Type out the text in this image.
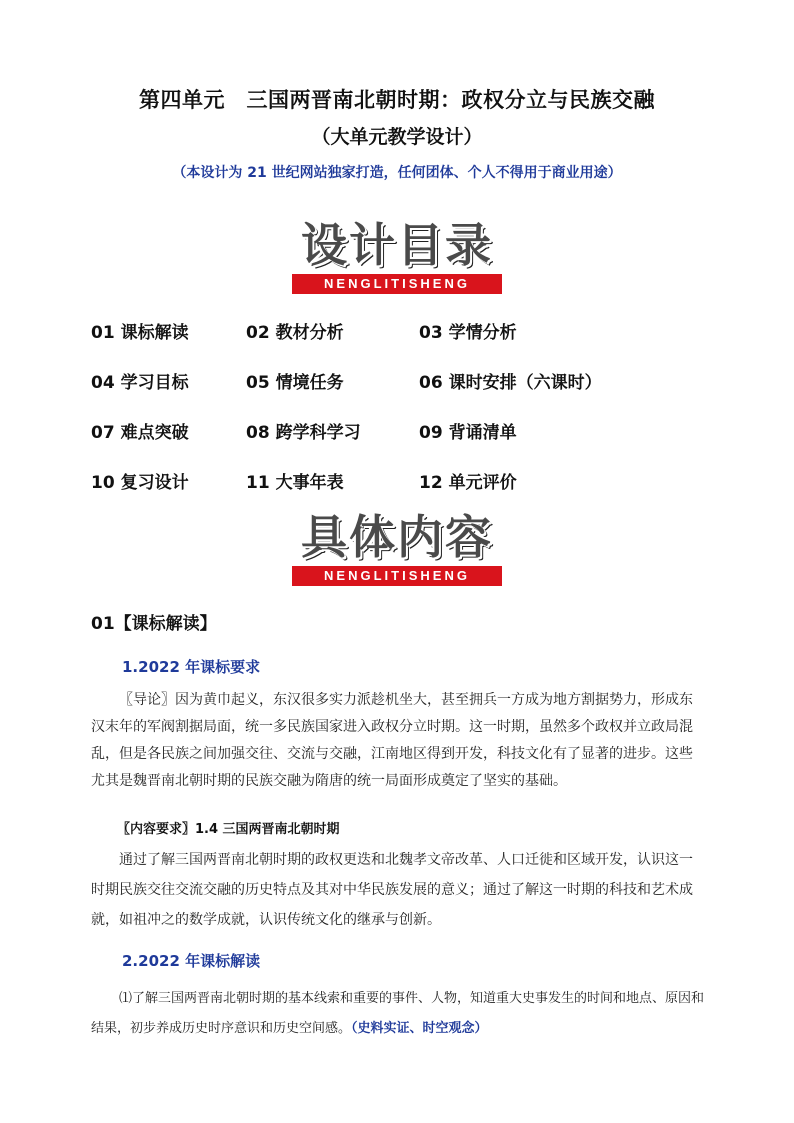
第四单元　三国两晋南北朝时期：政权分立与民族交融
（大单元教学设计）
（本设计为 21 世纪网站独家打造，任何团体、个人不得用于商业用途）
设计目录
NENGLITISHENG
01 课标解读	02 教材分析	03 学情分析
04 学习目标	05 情境任务	06 课时安排（六课时）
07 难点突破	08 跨学科学习	09 背诵清单
10 复习设计	11 大事年表	12 单元评价
具体内容
NENGLITISHENG
01【课标解读】
1.2022 年课标要求
〖导论〗因为黄巾起义，东汉很多实力派趁机坐大，甚至拥兵一方成为地方割据势力，形成东汉末年的军阀割据局面，统一多民族国家进入政权分立时期。这一时期，虽然多个政权并立政局混乱，但是各民族之间加强交往、交流与交融，江南地区得到开发，科技文化有了显著的进步。这些尤其是魏晋南北朝时期的民族交融为隋唐的统一局面形成奠定了坚实的基础。
〖内容要求〗1.4 三国两晋南北朝时期
通过了解三国两晋南北朝时期的政权更迭和北魏孝文帝改革、人口迁徙和区域开发，认识这一时期民族交往交流交融的历史特点及其对中华民族发展的意义；通过了解这一时期的科技和艺术成就，如祖冲之的数学成就，认识传统文化的继承与创新。
2.2022 年课标解读
⑴了解三国两晋南北朝时期的基本线索和重要的事件、人物，知道重大史事发生的时间和地点、原因和结果，初步养成历史时序意识和历史空间感。（史料实证、时空观念）
